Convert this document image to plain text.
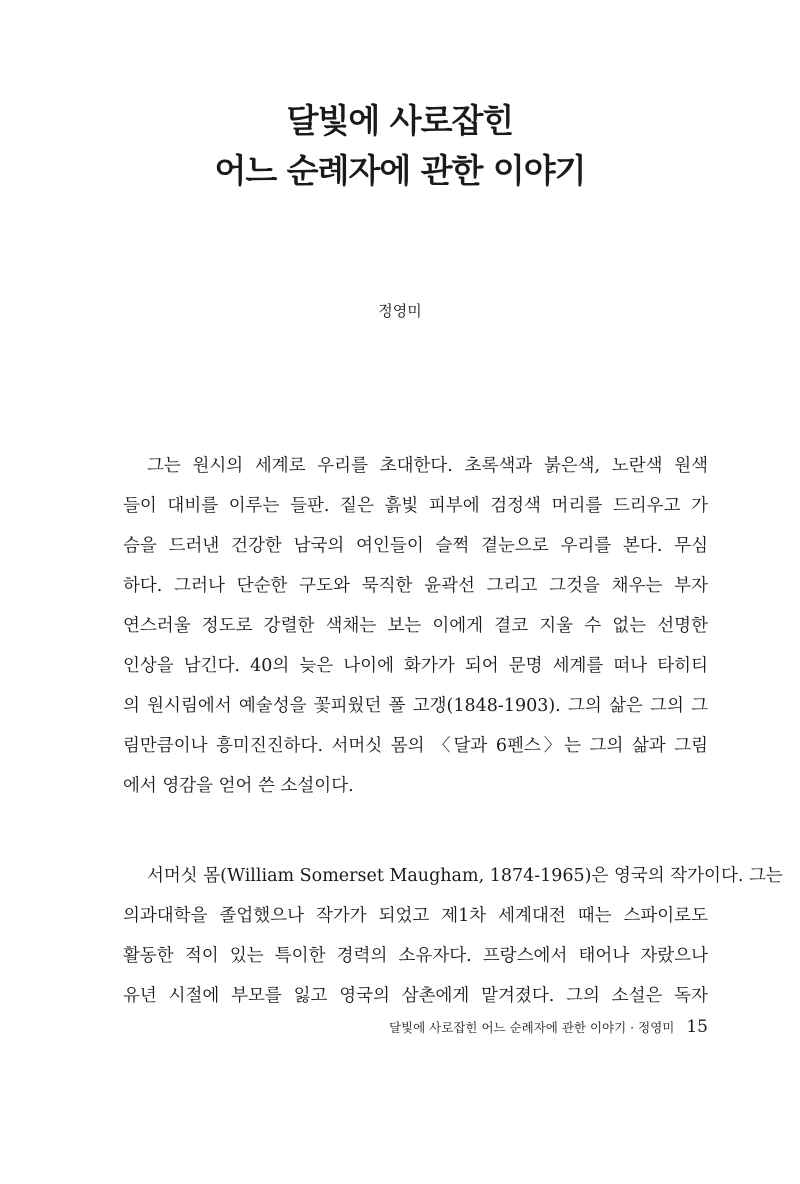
달빛에 사로잡힌
어느 순례자에 관한 이야기
정영미
그는 원시의 세계로 우리를 초대한다. 초록색과 붉은색, 노란색 원색
들이 대비를 이루는 들판. 짙은 흙빛 피부에 검정색 머리를 드리우고 가
슴을 드러낸 건강한 남국의 여인들이 슬쩍 곁눈으로 우리를 본다. 무심
하다. 그러나 단순한 구도와 묵직한 윤곽선 그리고 그것을 채우는 부자
연스러울 정도로 강렬한 색채는 보는 이에게 결코 지울 수 없는 선명한
인상을 남긴다. 40의 늦은 나이에 화가가 되어 문명 세계를 떠나 타히티
의 원시림에서 예술성을 꽃피웠던 폴 고갱(1848-1903). 그의 삶은 그의 그
림만큼이나 흥미진진하다. 서머싯 몸의 〈달과 6펜스〉는 그의 삶과 그림
에서 영감을 얻어 쓴 소설이다.
서머싯 몸(William Somerset Maugham, 1874-1965)은 영국의 작가이다. 그는
의과대학을 졸업했으나 작가가 되었고 제1차 세계대전 때는 스파이로도
활동한 적이 있는 특이한 경력의 소유자다. 프랑스에서 태어나 자랐으나
유년 시절에 부모를 잃고 영국의 삼촌에게 맡겨졌다. 그의 소설은 독자
달빛에 사로잡힌 어느 순례자에 관한 이야기 · 정영미 15
